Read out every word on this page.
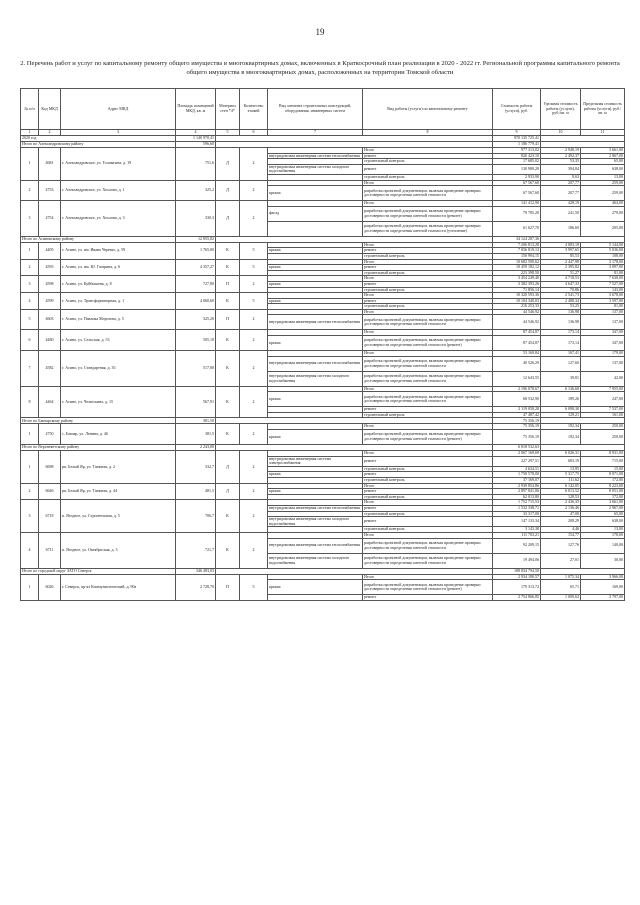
19
2. Перечень работ и услуг по капитальному ремонту общего имущества в многоквартирных домах, включенных в Краткосрочный план реализации в 2020 - 2022 гг. Региональной программы капитального ремонта общего имущества в многоквартирных домах, расположенных на территории Томской области
№ п/п	Код МКД	Адрес МКД	Площадь помещений МКД, кв. м	Материал стен *4*	Количество этажей	Вид элемента строительных конструкций, оборудования, инженерных систем	Вид работы (услуги) по капитальному ремонту	Стоимость работы (услуги), руб.	Удельная стоимость работы (услуги), руб./кв. м	Предельная стоимость работы (услуги), руб./кв. м
1	2	3	4	5	6	7	8	9	10	11
2020 год			1 140 970,41					970 135 725,41		
Итого по Александровскому району			596,60					1 186 779,41		
1	4681	г. Александровское, ул. Толпыгина, д. 19	751,6	Д	2		Итого	977 313,02	2 948,19	3 661,00
						внутридомовая инженерная система теплоснабжения	ремонт	826 423,10	2 492,37	2 967,00
							строительный контроль	17 685,02	53,35	65,00
						внутридомовая инженерная система холодного водоснабжения	ремонт	130 980,20	394,84	638,00
							строительный контроль	2 933,90	8,63	13,00
2	4753	г. Александровское, ул. Хохлова, д. 1	325,2	Д	2		Итого	67 567,60	207,77	259,00
						крыша	разработка проектной документации, включая проведение проверки достоверности определения сметной стоимости	67 567,60	207,77	259,00
3	4754	г. Александровское, ул. Хохлова, д. 3	330,3	Д	2		Итого	141 412,90	428,19	464,00
						фасад	разработка проектной документации, включая проведение проверки достоверности определения сметной стоимости (ремонт)	79 785,20	241,50	279,00
							разработка проектной документации, включая проведение проверки достоверности определения сметной стоимости (утепление)	61 627,70	186,69	205,00
Итого по Асиновскому району			12 855,82					34 124 287,36		
1	4405	г. Асино, ул. им. Ивана Черных, д. 59	1 765,00	К	5		Итого	7 206 813,28	4 083,18	5 144,00
						крыша	ремонт	7 056 819,13	3 997,65	5 036,00
							строительный контроль	150 994,15	85,53	108,00
2	4593	г. Асино, ул. им. Ю. Гагарина, д. 6	4 357,27	К	5		Итого	10 682 590,62	2 447,98	3 178,00
						крыша	ремонт	10 459 182,12	2 395,82	3 097,00
							строительный контроль	223 398,50	51,27	81,00
3	4598	г. Асино, ул. Куйбышева, д. 8	727,80	П	2		Итого	3 454 249,40	4 718,53	7 630,00
						крыша	ремонт	3 382 393,26	4 647,33	7 527,00
							строительный контроль	71 856,14	70,86	143,00
4	4599	г. Асино, ул. Трансформаторная, д. 1	4 060,60	К	5		Итого	10 320 593,36	2 541,73	3 678,00
						крыша	ремонт	10 104 340,03	2 488,34	3 597,00
							строительный контроль	216 253,33	53,25	81,00
5	4603	г. Асино, ул. Павлика Морозова, д. 5	325,20	П	2		Итого	44 546,92	136,98	137,00
						внутридомовая инженерная система теплоснабжения	разработка проектной документации, включая проведение проверки достоверности определения сметной стоимости	44 546,92	136,98	137,00
6	4480	г. Асино, ул. Сельская, д. 53	505,10	К	2		Итого	87 454,87	173,14	347,00
						крыша	разработка проектной документации, включая проведение проверки достоверности определения сметной стоимости (ремонт)	87 454,87	173,14	347,00
7	4582	г. Асино, ул. Стандартная, д. 35	517,00	К	2		Итого	53 169,84	167,41	179,00
						внутридомовая инженерная система теплоснабжения	разработка проектной документации, включая проведение проверки достоверности определения сметной стоимости	40 526,29	127,60	137,00
						внутридомовая инженерная система холодного водоснабжения	разработка проектной документации, включая проведение проверки достоверности определения сметной стоимости	12 643,55	39,81	42,00
8	4464	г. Асино, ул. Челюскина, д. 15	567,91	К	2		Итого	2 196 078,67	6 136,68	7 955,00
						крыша	разработка проектной документации, включая проведение проверки достоверности определения сметной стоимости	68 532,90	189,26	247,00
							ремонт	2 119 058,28	6 098,30	7 537,00
							строительный контроль	47 487,42	129,21	161,00
Итого по Бакчарскому району			381,50					75 356,19		
1	4750	с. Бакчар, ул. Ленина, д. 46	381,5	К	2		Итого	75 356,19	192,34	250,00
						крыша	разработка проектной документации, включая проведение проверки достоверности определения сметной стоимости (ремонт)	75 356,19	192,34	250,00
Итого по Верхнекетскому району			2 243,00					6 818 532,63		
1	6698	рп. Белый Яр, ул. Таежная, д. 2	332,7	Д	2		Итого	2 067 169,69	6 026,31	8 931,00
						внутридомовая инженерная система электроснабжения	ремонт	227 297,51	683,19	715,00
							строительный контроль	4 634,51	13,95	15,00
						крыша	ремонт	1 758 578,00	5 317,75	8 071,00
							строительный контроль	37 169,07	111,62	172,00
2	6646	рп. Белый Яр, ул. Таежная, д. 44	481,5	Д	2		Итого	2 939 854,86	6 142,05	8 223,00
						крыша	ремонт	2 897 841,06	6 013,52	8 051,00
							строительный контроль	62 013,80	128,53	172,00
3	6718	п. Ягодное, ул. Строительная, д. 5	706,7	К	2		Итого	1 752 715,53	2 436,35	3 661,00
						внутридомовая инженерная система теплоснабжения	ремонт	1 532 338,71	2 136,46	2 967,00
							строительный контроль	33 317,00	47,00	65,00
						внутридомовая инженерная система холодного водоснабжения	ремонт	147 133,34	208,29	638,00
							строительный контроль	3 143,38	4,46	13,00
4	6711	п. Ягодное, ул. Октябрьская, д. 3	721,7	К	2		Итого	111 703,21	154,77	178,00
						внутридомовая инженерная система теплоснабжения	разработка проектной документации, включая проведение проверки достоверности определения сметной стоимости	92 209,15	127,76	140,00
						внутридомовая инженерная система холодного водоснабжения	разработка проектной документации, включая проведение проверки достоверности определения сметной стоимости	19 494,06	27,01	30,00
Итого по городской округ ЗАТО Северск			346 483,03					188 834 794,50		
1	6026	г. Северск, пр-кт Коммунистический, д. 90а	2 728,70	П	5		Итого	2 934 180,57	1 075,34	3 966,00
						крыша	разработка проектной документации, включая проведение проверки достоверности определения сметной стоимости (ремонт)	179 313,72	65,71	169,00
							ремонт	2 754 866,85	1 009,63	3 797,00
